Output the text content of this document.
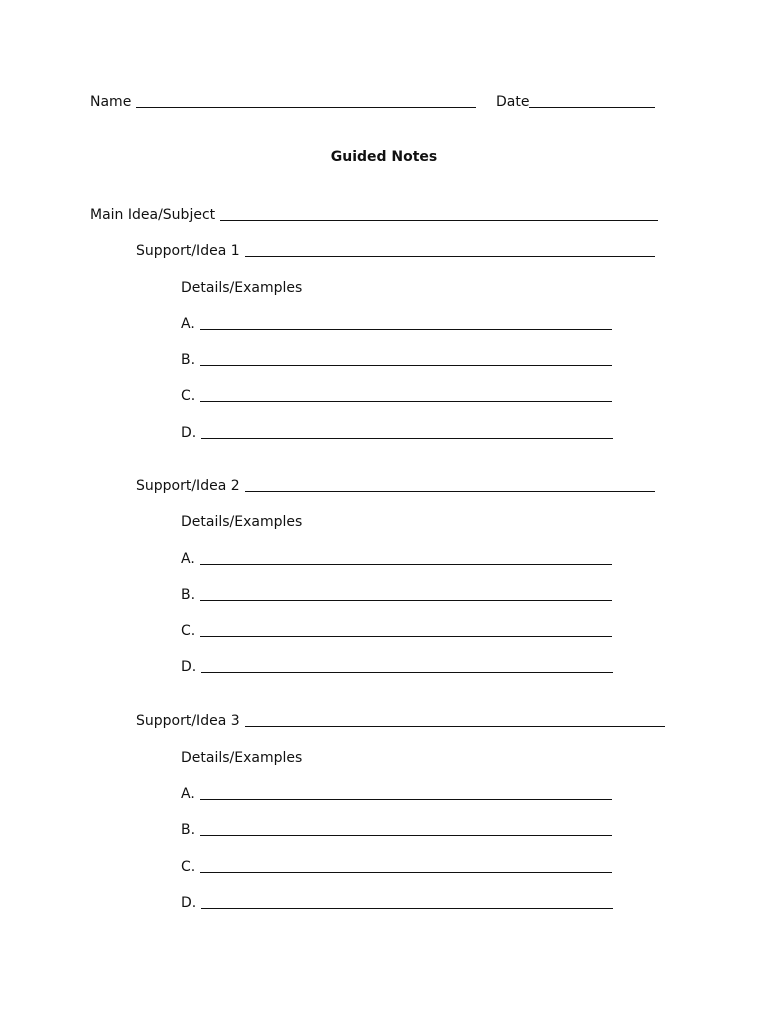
Name	Date
Guided Notes
Main Idea/Subject
Support/Idea 1
Details/Examples
A.
B.
C.
D.
Support/Idea 2
Details/Examples
A.
B.
C.
D.
Support/Idea 3
Details/Examples
A.
B.
C.
D.
